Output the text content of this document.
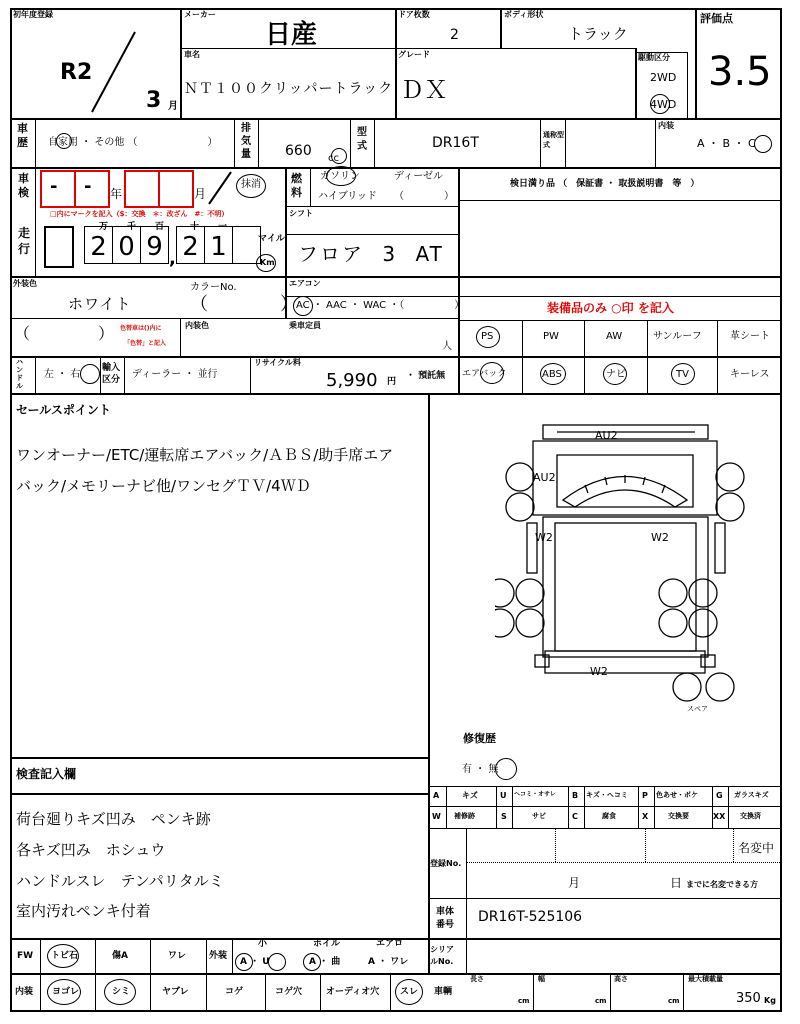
初年度登録
R2
3 月
メーカー
日産
ドア枚数
2
ボディ形状
トラック
評価点
3.5
車名
ＮＴ１００クリッパートラック
グレード
ＤＸ
駆動区分
2WD
4WD
車歴 自家用 ・ その他 （　　　　　　　）
排気量 660 cc
型式	DR16T	通称型式
内装
A ・ B ・ C
車検 - - 年	月
抹消	燃料
ガソリン	ディーゼル
ハイブリッド （　　　　）
検日満り品 （　保証書 ・ 取扱説明書　等　）
走行
□内にマークを記入（$：交換　＊：改ざん　#：不明）
2 0 9 2 1
万 千 百	十 一
,
マイル
Km
シフト
フロア 3 AT
外装色
ホワイト
カラーNo.
（　　　　）
エアコン
AC ・ AAC ・ WAC ・（　　　　　）	装備品のみ ○印 を記入
（	） 色替車は()内に
「色替」と記入
内装色	乗車定員
人
PS	PW	AW	サンルーフ	革シート
エアバック	ABS	ナビ	TV	キーレス
ハンドル
左 ・ 右
輸入区分	ディーラー ・ 並行
リサイクル料
5,990 円
・ 預託無
セールスポイント
ワンオーナー/ETC/運転席エアバック/ＡＢＳ/助手席エア
バック/メモリーナビ他/ワンセグＴＶ/4ＷＤ
AU2
AU2
W2	W2
W2
スペア
修復歴
有 ・ 無
検査記入欄
荷台廻りキズ凹み　ペンキ跡
各キズ凹み　ホシュウ
ハンドルスレ　テンパリタルミ
室内汚れペンキ付着
A	キズ	U ヘコミ・オサレ B キズ・ヘコミ P 色あせ・ボケ G ガラスキズ
W 補修跡	S	サビ	C	腐食	X	交換要	XX 交換済
登録No.
名変中
月	日 までに名変できる方
車体番号	DR16T-525106
シリアルNo.
FW トビ石	傷A	ワレ	外装
小	ホイル	エアロ
A ・ U	A ・ 曲	A ・ ワレ
内装 ヨゴレ	シミ	ヤブレ	コゲ	コゲ穴	オーディオ穴 スレ 車輌
長さ
cm
幅
cm
高さ
cm
最大積載量
350 Kg
